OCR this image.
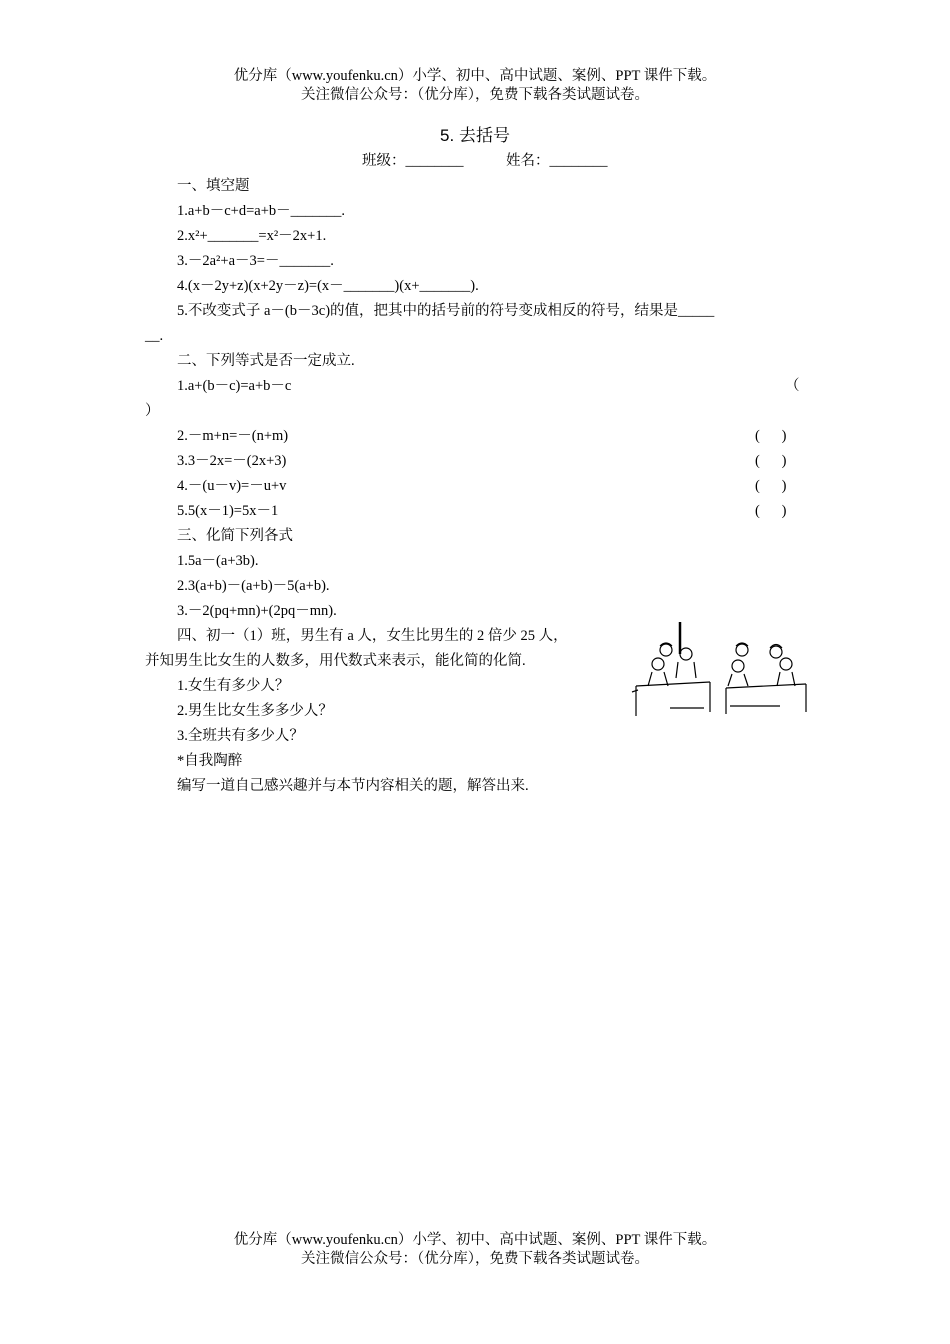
优分库（www.youfenku.cn）小学、初中、高中试题、案例、PPT 课件下载。
关注微信公众号：（优分库），免费下载各类试题试卷。
5. 去括号
班级：________	姓名：________
一、填空题
1.a+b－c+d=a+b－_______.
2.x²+_______=x²－2x+1.
3.－2a²+a－3=－_______.
4.(x－2y+z)(x+2y－z)=(x－_______)(x+_______).
5.不改变式子 a－(b－3c)的值，把其中的括号前的符号变成相反的符号，结果是_____
__.
二、下列等式是否一定成立.
1.a+(b－c)=a+b－c	（
）
2.－m+n=－(n+m)	(      )
3.3－2x=－(2x+3)	(      )
4.－(u－v)=－u+v	(      )
5.5(x－1)=5x－1	(      )
三、化简下列各式
1.5a－(a+3b).
2.3(a+b)－(a+b)－5(a+b).
3.－2(pq+mn)+(2pq－mn).
四、初一（1）班，男生有 a 人，女生比男生的 2 倍少 25 人，
并知男生比女生的人数多，用代数式来表示，能化简的化简.
1.女生有多少人？
2.男生比女生多多少人？
3.全班共有多少人？
*自我陶醉
编写一道自己感兴趣并与本节内容相关的题，解答出来.
优分库（www.youfenku.cn）小学、初中、高中试题、案例、PPT 课件下载。
关注微信公众号：（优分库），免费下载各类试题试卷。
